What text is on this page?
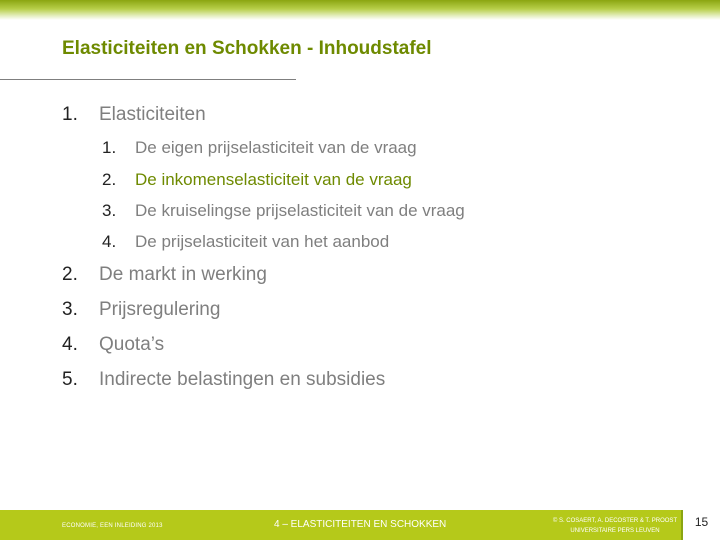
Elasticiteiten en Schokken - Inhoudstafel
1. Elasticiteiten
1. De eigen prijselasticiteit van de vraag
2. De inkomenselasticiteit van de vraag
3. De kruiselingse prijselasticiteit van de vraag
4. De prijselasticiteit van het aanbod
2. De markt in werking
3. Prijsregulering
4. Quota’s
5. Indirecte belastingen en subsidies
ECONOMIE, EEN INLEIDING 2013	4 – ELASTICITEITEN EN SCHOKKEN	© S. COSAERT, A. DECOSTER & T. PROOST
UNIVERSITAIRE PERS LEUVEN
15
